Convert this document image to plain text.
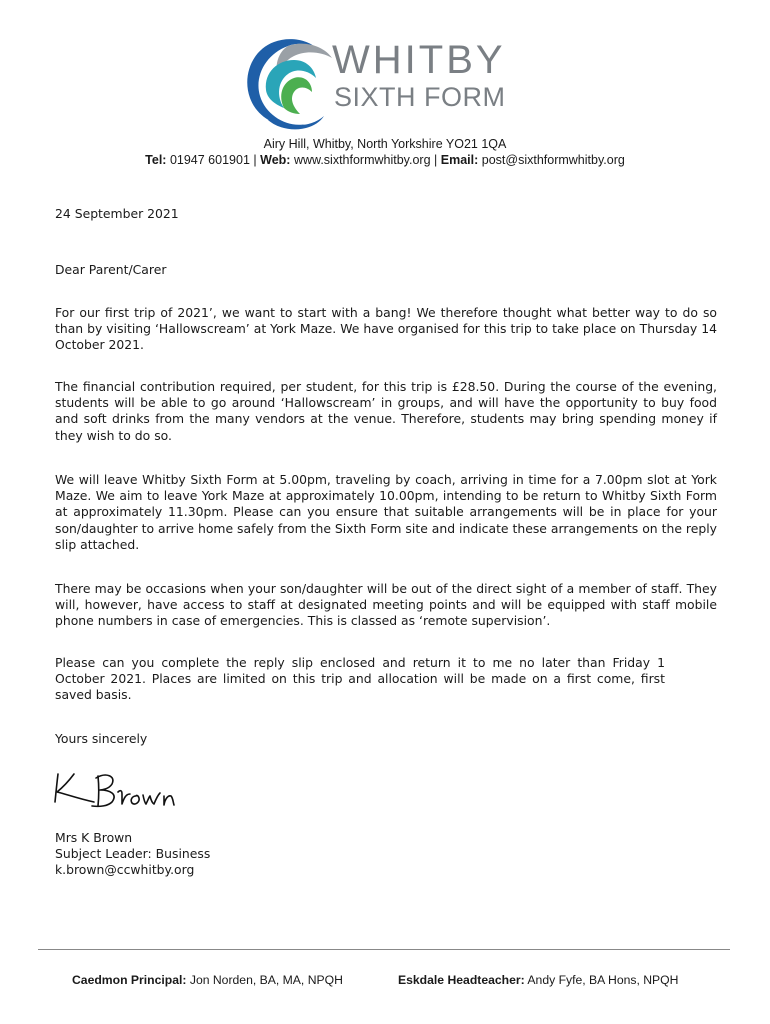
WHITBY
SIXTH FORM
Airy Hill, Whitby, North Yorkshire YO21 1QA
Tel: 01947 601901 | Web: www.sixthformwhitby.org | Email: post@sixthformwhitby.org
24 September 2021
Dear Parent/Carer
For our first trip of 2021’, we want to start with a bang! We therefore thought what better way to do so than by visiting ‘Hallowscream’ at York Maze. We have organised for this trip to take place on Thursday 14 October 2021.
The financial contribution required, per student, for this trip is £28.50. During the course of the evening, students will be able to go around ‘Hallowscream’ in groups, and will have the opportunity to buy food and soft drinks from the many vendors at the venue. Therefore, students may bring spending money if they wish to do so.
We will leave Whitby Sixth Form at 5.00pm, traveling by coach, arriving in time for a 7.00pm slot at York Maze. We aim to leave York Maze at approximately 10.00pm, intending to be return to Whitby Sixth Form at approximately 11.30pm. Please can you ensure that suitable arrangements will be in place for your son/daughter to arrive home safely from the Sixth Form site and indicate these arrangements on the reply slip attached.
There may be occasions when your son/daughter will be out of the direct sight of a member of staff. They will, however, have access to staff at designated meeting points and will be equipped with staff mobile phone numbers in case of emergencies. This is classed as ‘remote supervision’.
Please can you complete the reply slip enclosed and return it to me no later than Friday 1 October 2021. Places are limited on this trip and allocation will be made on a first come, first saved basis.
Yours sincerely
Mrs K Brown
Subject Leader: Business
k.brown@ccwhitby.org
Caedmon Principal: Jon Norden, BA, MA, NPQH	Eskdale Headteacher: Andy Fyfe, BA Hons, NPQH
